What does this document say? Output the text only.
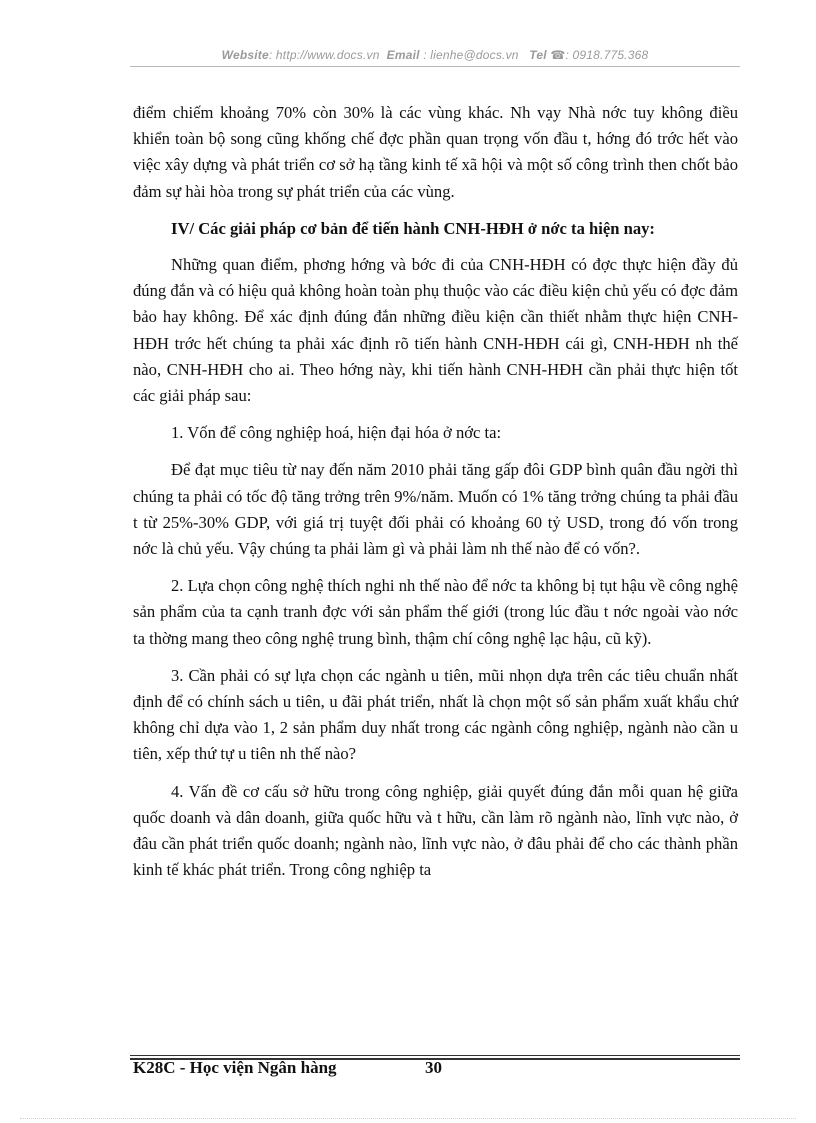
Website: http://www.docs.vn Email : lienhe@docs.vn Tel ☎: 0918.775.368

điểm chiếm khoảng 70% còn 30% là các vùng khác. Nh vạy Nhà nớc tuy không điều khiển toàn bộ song cũng khống chế đợc phần quan trọng vốn đầu t, hớng đó trớc hết vào việc xây dựng và phát triển cơ sở hạ tầng kinh tế xã hội và một số công trình then chốt bảo đảm sự hài hòa trong sự phát triển của các vùng.

IV/ Các giải pháp cơ bản để tiến hành CNH-HĐH ở nớc ta hiện nay:

Những quan điểm, phơng hớng và bớc đi của CNH-HĐH có đợc thực hiện đầy đủ đúng đắn và có hiệu quả không hoàn toàn phụ thuộc vào các điều kiện chủ yếu có đợc đảm bảo hay không. Để xác định đúng đắn những điều kiện cần thiết nhằm thực hiện CNH-HĐH trớc hết chúng ta phải xác định rõ tiến hành CNH-HĐH cái gì, CNH-HĐH nh thế nào, CNH-HĐH cho ai. Theo hớng này, khi tiến hành CNH-HĐH cần phải thực hiện tốt các giải pháp sau:

1. Vốn để công nghiệp hoá, hiện đại hóa ở nớc ta:

Để đạt mục tiêu từ nay đến năm 2010 phải tăng gấp đôi GDP bình quân đầu ngời thì chúng ta phải có tốc độ tăng trởng trên 9%/năm. Muốn có 1% tăng trởng chúng ta phải đầu t từ 25%-30% GDP, với giá trị tuyệt đối phải có khoảng 60 tỷ USD, trong đó vốn trong nớc là chủ yếu. Vậy chúng ta phải làm gì và phải làm nh thế nào để có vốn?.

2. Lựa chọn công nghệ thích nghi nh thế nào để nớc ta không bị tụt hậu về công nghệ sản phẩm của ta cạnh tranh đợc với sản phẩm thế giới (trong lúc đầu t nớc ngoài vào nớc ta thờng mang theo công nghệ trung bình, thậm chí công nghệ lạc hậu, cũ kỹ).

3. Cần phải có sự lựa chọn các ngành u tiên, mũi nhọn dựa trên các tiêu chuẩn nhất định để có chính sách u tiên, u đãi phát triển, nhất là chọn một số sản phẩm xuất khẩu chứ không chỉ dựa vào 1, 2 sản phẩm duy nhất trong các ngành công nghiệp, ngành nào cần u tiên, xếp thứ tự u tiên nh thế nào?

4. Vấn đề cơ cấu sở hữu trong công nghiệp, giải quyết đúng đắn mỗi quan hệ giữa quốc doanh và dân doanh, giữa quốc hữu và t hữu, cần làm rõ ngành nào, lĩnh vực nào, ở đâu cần phát triển quốc doanh; ngành nào, lĩnh vực nào, ở đâu phải để cho các thành phần kinh tế khác phát triển. Trong công nghiệp ta

K28C - Học viện Ngân hàng	30
